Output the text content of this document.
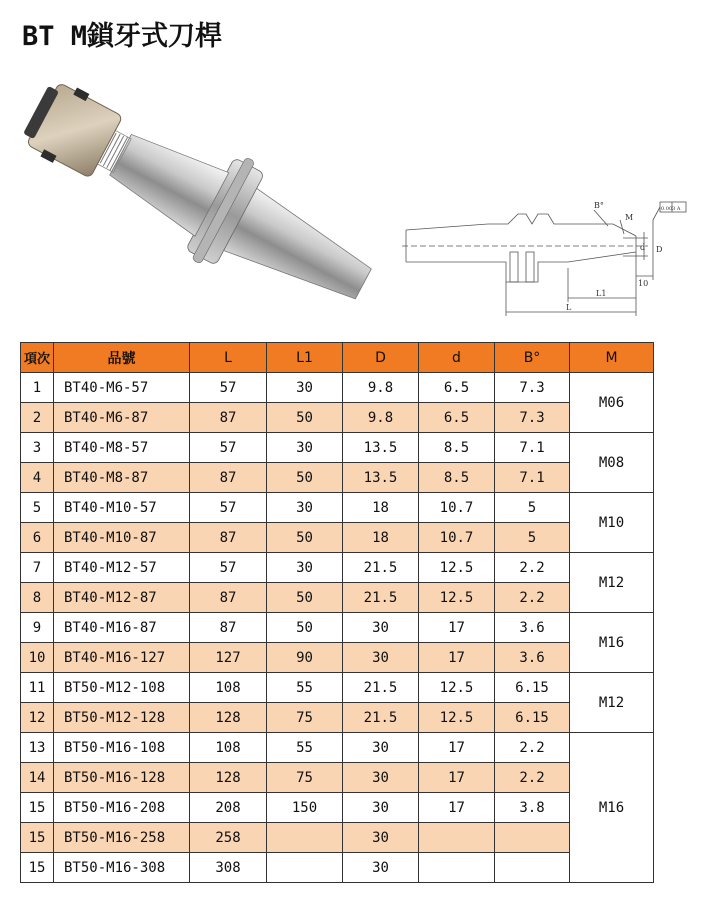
BT M鎖牙式刀桿
B°
M
0.003 A
d D
10
L1
L
項次	品號	L	L1	D	d	B°	M
1	BT40-M6-57	57	30	9.8	6.5	7.3	M06
2	BT40-M6-87	87	50	9.8	6.5	7.3	
3	BT40-M8-57	57	30	13.5	8.5	7.1	M08
4	BT40-M8-87	87	50	13.5	8.5	7.1	
5	BT40-M10-57	57	30	18	10.7	5	M10
6	BT40-M10-87	87	50	18	10.7	5	
7	BT40-M12-57	57	30	21.5	12.5	2.2	M12
8	BT40-M12-87	87	50	21.5	12.5	2.2	
9	BT40-M16-87	87	50	30	17	3.6	M16
10	BT40-M16-127	127	90	30	17	3.6	
11	BT50-M12-108	108	55	21.5	12.5	6.15	M12
12	BT50-M12-128	128	75	21.5	12.5	6.15	
13	BT50-M16-108	108	55	30	17	2.2	M16
14	BT50-M16-128	128	75	30	17	2.2	
15	BT50-M16-208	208	150	30	17	3.8	
15	BT50-M16-258	258		30			
15	BT50-M16-308	308		30			
